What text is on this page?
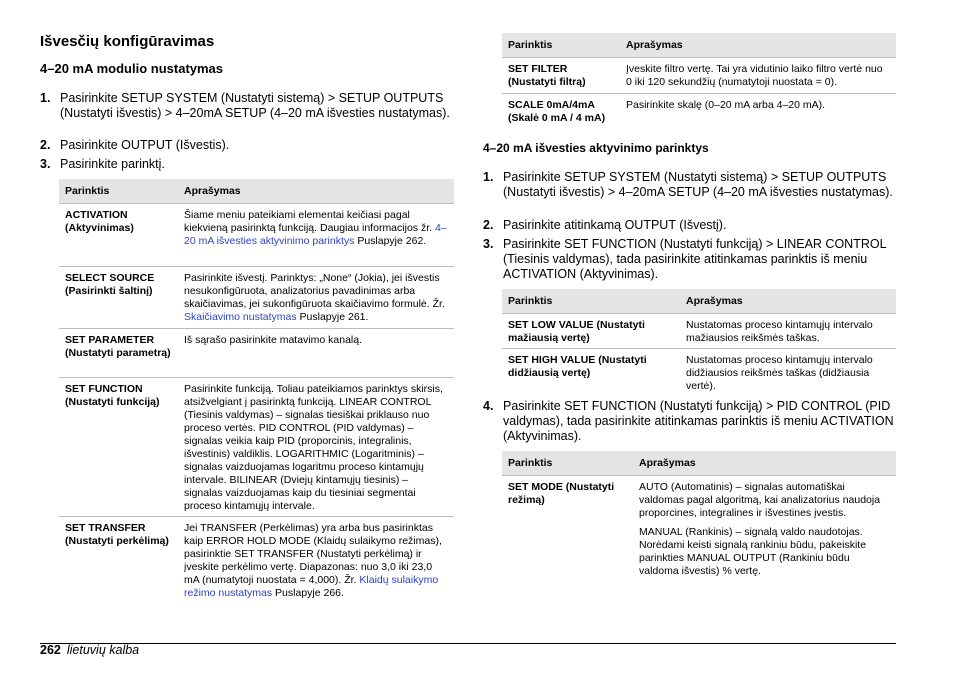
Išvesčių konfigūravimas
4–20 mA modulio nustatymas
1. Pasirinkite SETUP SYSTEM (Nustatyti sistemą) > SETUP OUTPUTS (Nustatyti išvestis) > 4–20mA SETUP (4–20 mA išvesties nustatymas).
2. Pasirinkite OUTPUT (Išvestis).
3. Pasirinkite parinktį.
Parinktis	Aprašymas
ACTIVATION (Aktyvinimas)	Šiame meniu pateikiami elementai keičiasi pagal kiekvieną pasirinktą funkciją. Daugiau informacijos žr. 4–20 mA išvesties aktyvinimo parinktys Puslapyje 262.
SELECT SOURCE (Pasirinkti šaltinį)	Pasirinkite išvestį. Parinktys: „None“ (Jokia), jei išvestis nesukonfigūruota, analizatorius pavadinimas arba skaičiavimas, jei sukonfigūruota skaičiavimo formulė. Žr. Skaičiavimo nustatymas Puslapyje 261.
SET PARAMETER (Nustatyti parametrą)	Iš sąrašo pasirinkite matavimo kanalą.
SET FUNCTION (Nustatyti funkciją)	Pasirinkite funkciją. Toliau pateikiamos parinktys skirsis, atsižvelgiant į pasirinktą funkciją. LINEAR CONTROL (Tiesinis valdymas) – signalas tiesiškai priklauso nuo proceso vertės. PID CONTROL (PID valdymas) – signalas veikia kaip PID (proporcinis, integralinis, išvestinis) valdiklis. LOGARITHMIC (Logaritminis) – signalas vaizduojamas logaritmu proceso kintamųjų intervale. BILINEAR (Dviejų kintamųjų tiesinis) – signalas vaizduojamas kaip du tiesiniai segmentai proceso kintamųjų intervale.
SET TRANSFER (Nustatyti perkėlimą)	Jei TRANSFER (Perkėlimas) yra arba bus pasirinktas kaip ERROR HOLD MODE (Klaidų sulaikymo režimas), pasirinktie SET TRANSFER (Nustatyti perkėlimą) ir įveskite perkėlimo vertę. Diapazonas: nuo 3,0 iki 23,0 mA (numatytoji nuostata = 4,000). Žr. Klaidų sulaikymo režimo nustatymas Puslapyje 266.
Parinktis	Aprašymas
SET FILTER (Nustatyti filtrą)	Įveskite filtro vertę. Tai yra vidutinio laiko filtro vertė nuo 0 iki 120 sekundžių (numatytoji nuostata = 0).
SCALE 0mA/4mA (Skalė 0 mA / 4 mA)	Pasirinkite skalę (0–20 mA arba 4–20 mA).
4–20 mA išvesties aktyvinimo parinktys
1. Pasirinkite SETUP SYSTEM (Nustatyti sistemą) > SETUP OUTPUTS (Nustatyti išvestis) > 4–20mA SETUP (4–20 mA išvesties nustatymas).
2. Pasirinkite atitinkamą OUTPUT (Išvestį).
3. Pasirinkite SET FUNCTION (Nustatyti funkciją) > LINEAR CONTROL (Tiesinis valdymas), tada pasirinkite atitinkamas parinktis iš meniu ACTIVATION (Aktyvinimas).
Parinktis	Aprašymas
SET LOW VALUE (Nustatyti mažiausią vertę)	Nustatomas proceso kintamųjų intervalo mažiausios reikšmės taškas.
SET HIGH VALUE (Nustatyti didžiausią vertę)	Nustatomas proceso kintamųjų intervalo didžiausios reikšmės taškas (didžiausia vertė).
4. Pasirinkite SET FUNCTION (Nustatyti funkciją) > PID CONTROL (PID valdymas), tada pasirinkite atitinkamas parinktis iš meniu ACTIVATION (Aktyvinimas).
Parinktis	Aprašymas
SET MODE (Nustatyti režimą)	AUTO (Automatinis) – signalas automatiškai valdomas pagal algoritmą, kai analizatorius naudoja proporcines, integralines ir išvestines įvestis.
MANUAL (Rankinis) – signalą valdo naudotojas. Norėdami keisti signalą rankiniu būdu, pakeiskite parinkties MANUAL OUTPUT (Rankiniu būdu valdoma išvestis) % vertę.
262 lietuvių kalba
